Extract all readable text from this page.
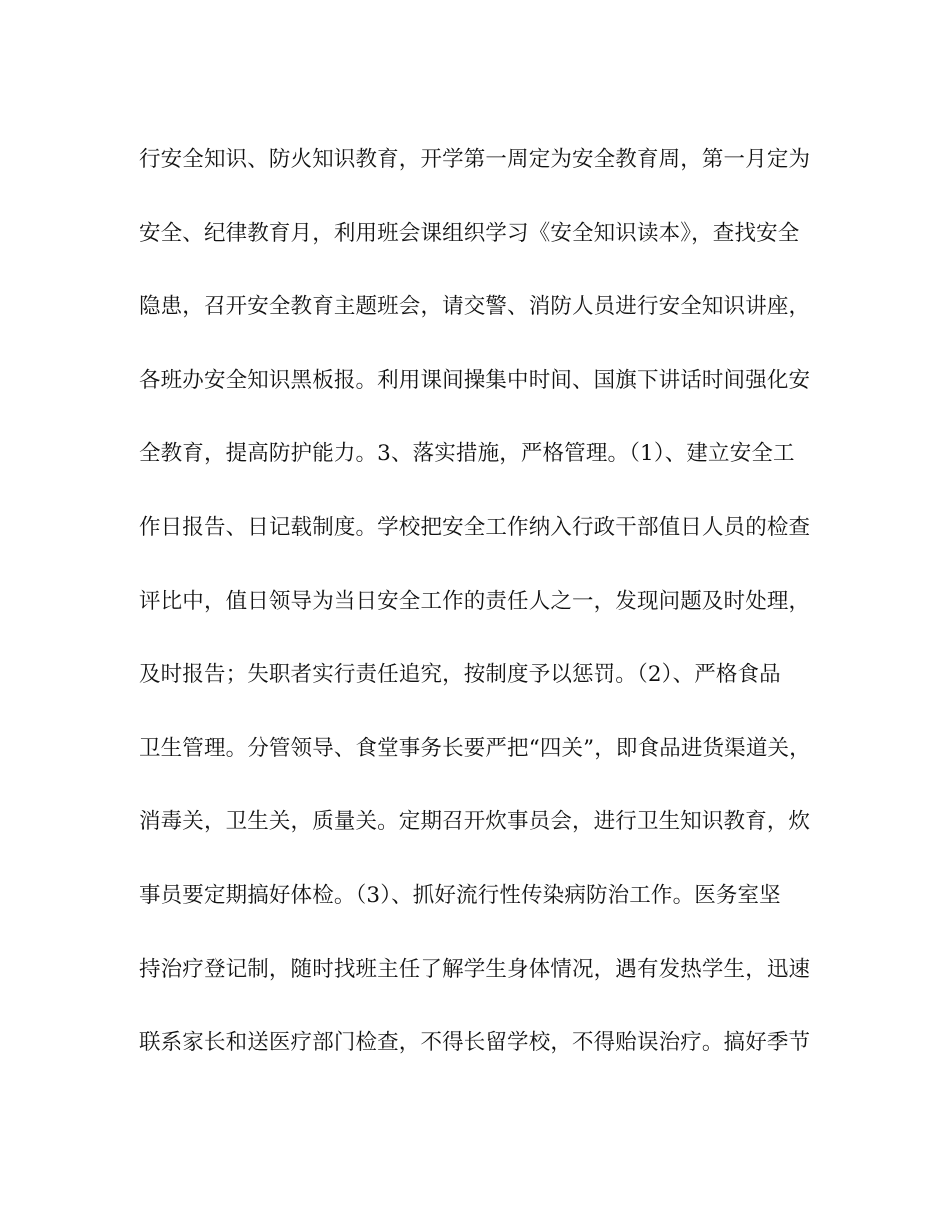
行安全知识、防火知识教育，开学第一周定为安全教育周，第一月定为
安全、纪律教育月，利用班会课组织学习《安全知识读本》，查找安全
隐患，召开安全教育主题班会，请交警、消防人员进行安全知识讲座，
各班办安全知识黑板报。利用课间操集中时间、国旗下讲话时间强化安
全教育，提高防护能力。3、落实措施，严格管理。（1）、建立安全工
作日报告、日记载制度。学校把安全工作纳入行政干部值日人员的检查
评比中，值日领导为当日安全工作的责任人之一，发现问题及时处理，
及时报告；失职者实行责任追究，按制度予以惩罚。（2）、严格食品
卫生管理。分管领导、食堂事务长要严把“四关”，即食品进货渠道关，
消毒关，卫生关，质量关。定期召开炊事员会，进行卫生知识教育，炊
事员要定期搞好体检。（3）、抓好流行性传染病防治工作。医务室坚
持治疗登记制，随时找班主任了解学生身体情况，遇有发热学生，迅速
联系家长和送医疗部门检查，不得长留学校，不得贻误治疗。搞好季节
